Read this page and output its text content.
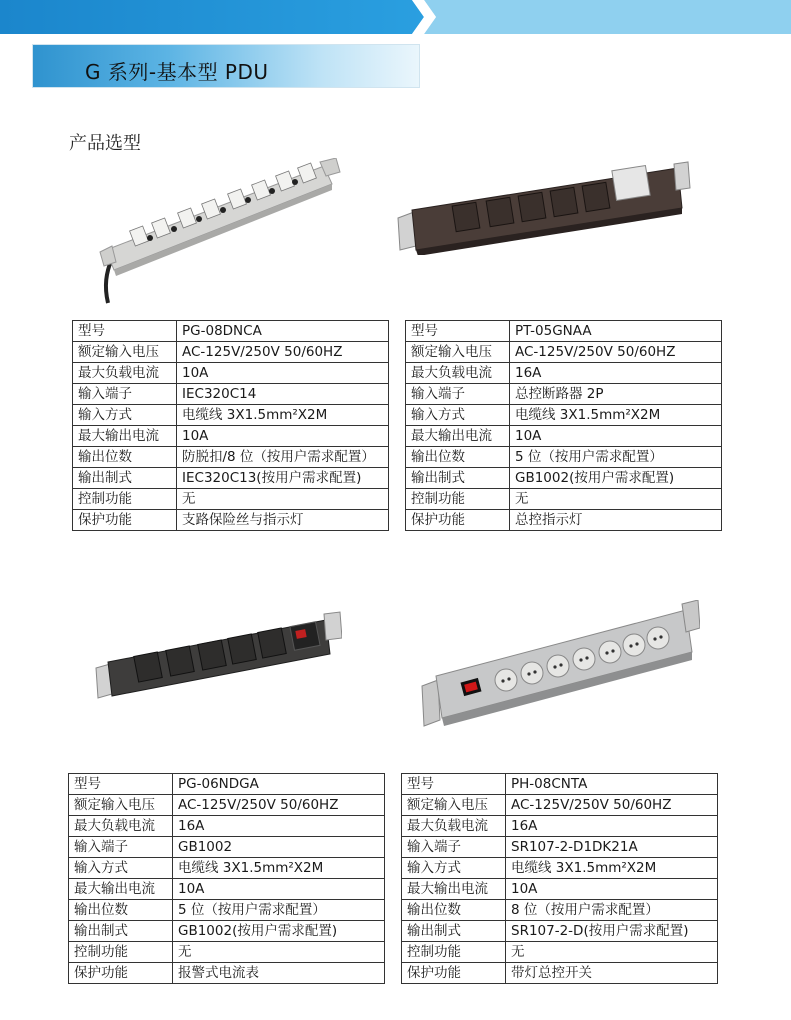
G 系列-基本型 PDU
产品选型
型号	PG-08DNCA
额定输入电压	AC-125V/250V 50/60HZ
最大负载电流	10A
输入端子	IEC320C14
输入方式	电缆线 3X1.5mm²X2M
最大输出电流	10A
输出位数	防脱扣/8 位（按用户需求配置）
输出制式	IEC320C13(按用户需求配置)
控制功能	无
保护功能	支路保险丝与指示灯
型号	PT-05GNAA
额定输入电压	AC-125V/250V 50/60HZ
最大负载电流	16A
输入端子	总控断路器 2P
输入方式	电缆线 3X1.5mm²X2M
最大输出电流	10A
输出位数	5 位（按用户需求配置）
输出制式	GB1002(按用户需求配置)
控制功能	无
保护功能	总控指示灯
型号	PG-06NDGA
额定输入电压	AC-125V/250V 50/60HZ
最大负载电流	16A
输入端子	GB1002
输入方式	电缆线 3X1.5mm²X2M
最大输出电流	10A
输出位数	5 位（按用户需求配置）
输出制式	GB1002(按用户需求配置)
控制功能	无
保护功能	报警式电流表
型号	PH-08CNTA
额定输入电压	AC-125V/250V 50/60HZ
最大负载电流	16A
输入端子	SR107-2-D1DK21A
输入方式	电缆线 3X1.5mm²X2M
最大输出电流	10A
输出位数	8 位（按用户需求配置）
输出制式	SR107-2-D(按用户需求配置)
控制功能	无
保护功能	带灯总控开关
